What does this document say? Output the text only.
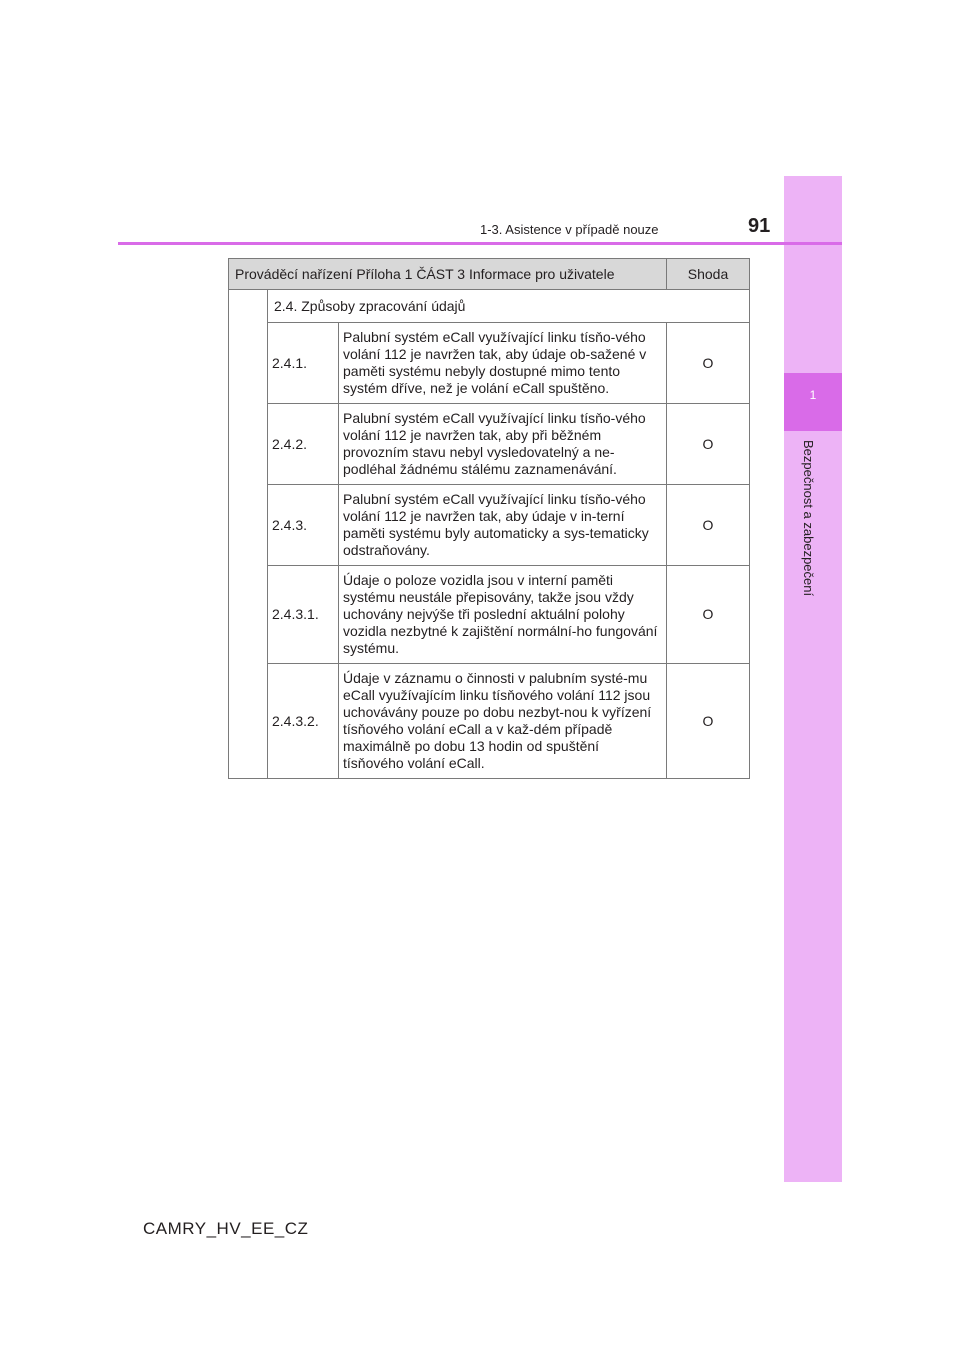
1
Bezpečnost a zabezpečení
1-3. Asistence v případě nouze	91
Prováděcí nařízení Příloha 1 ČÁST 3 Informace pro uživatele			Shoda
	2.4. Způsoby zpracování údajů		
	2.4.1.	Palubní systém eCall využívající linku tísňo-vého volání 112 je navržen tak, aby údaje ob-sažené v paměti systému nebyly dostupné mimo tento systém dříve, než je volání eCall spuštěno.	O
	2.4.2.	Palubní systém eCall využívající linku tísňo-vého volání 112 je navržen tak, aby při běžném provozním stavu nebyl vysledovatelný a ne-podléhal žádnému stálému zaznamenávání.	O
	2.4.3.	Palubní systém eCall využívající linku tísňo-vého volání 112 je navržen tak, aby údaje v in-terní paměti systému byly automaticky a sys-tematicky odstraňovány.	O
	2.4.3.1.	Údaje o poloze vozidla jsou v interní paměti systému neustále přepisovány, takže jsou vždy uchovány nejvýše tři poslední aktuální polohy vozidla nezbytné k zajištění normální-ho fungování systému.	O
	2.4.3.2.	Údaje v záznamu o činnosti v palubním systé-mu eCall využívajícím linku tísňového volání 112 jsou uchovávány pouze po dobu nezbyt-nou k vyřízení tísňového volání eCall a v kaž-dém případě maximálně po dobu 13 hodin od spuštění tísňového volání eCall.	O
CAMRY_HV_EE_CZ
